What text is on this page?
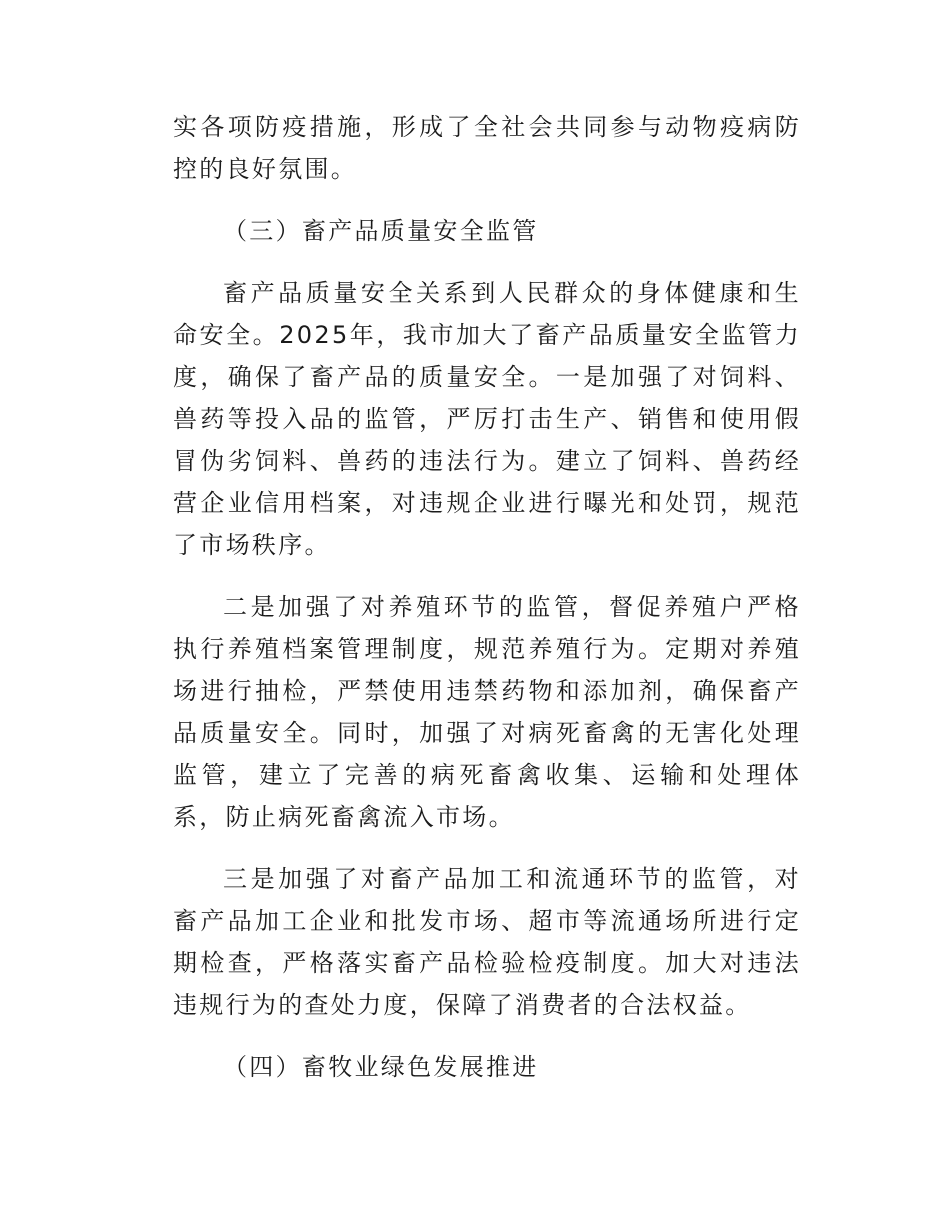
实各项防疫措施，形成了全社会共同参与动物疫病防控的良好氛围。

（三）畜产品质量安全监管

畜产品质量安全关系到人民群众的身体健康和生命安全。2025年，我市加大了畜产品质量安全监管力度，确保了畜产品的质量安全。一是加强了对饲料、兽药等投入品的监管，严厉打击生产、销售和使用假冒伪劣饲料、兽药的违法行为。建立了饲料、兽药经营企业信用档案，对违规企业进行曝光和处罚，规范了市场秩序。

二是加强了对养殖环节的监管，督促养殖户严格执行养殖档案管理制度，规范养殖行为。定期对养殖场进行抽检，严禁使用违禁药物和添加剂，确保畜产品质量安全。同时，加强了对病死畜禽的无害化处理监管，建立了完善的病死畜禽收集、运输和处理体系，防止病死畜禽流入市场。

三是加强了对畜产品加工和流通环节的监管，对畜产品加工企业和批发市场、超市等流通场所进行定期检查，严格落实畜产品检验检疫制度。加大对违法违规行为的查处力度，保障了消费者的合法权益。

（四）畜牧业绿色发展推进
